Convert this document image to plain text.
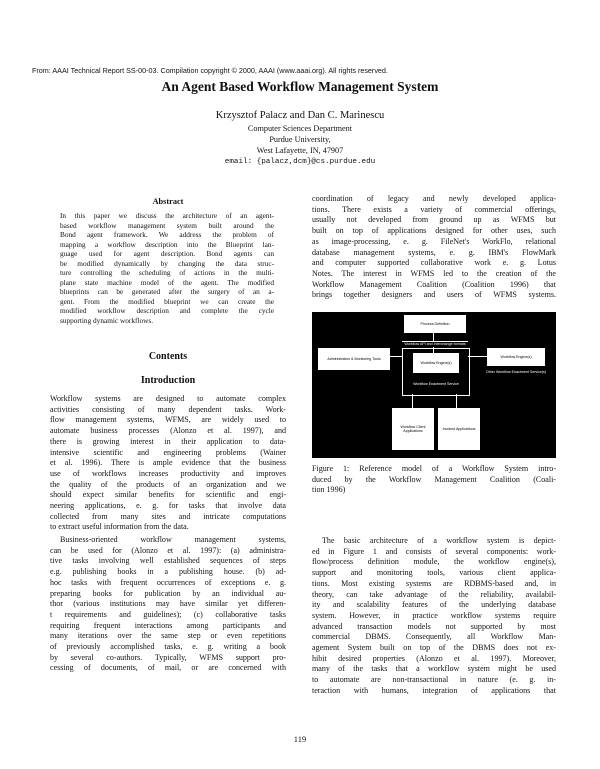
From: AAAI Technical Report SS-00-03. Compilation copyright © 2000, AAAI (www.aaai.org). All rights reserved.
An Agent Based Workflow Management System
Krzysztof Palacz and Dan C. Marinescu
Computer Sciences Department
Purdue University,
West Lafayette, IN, 47907
email: {palacz,dcm}@cs.purdue.edu
Abstract
In this paper we discuss the architecture of an agent-
based workflow management system built around the
Bond agent framework. We address the problem of
mapping a workflow description into the Blueprint lan-
guage used for agent description. Bond agents can
be modified dynamically by changing the data struc-
ture controlling the scheduling of actions in the multi-
plane state machine model of the agent. The modified
blueprints can be generated after the surgery of an a-
gent. From the modified blueprint we can create the
modified workflow description and complete the cycle
supporting dynamic workflows.
Contents
Introduction
Workflow systems are designed to automate complex
activities consisting of many dependent tasks. Work-
flow management systems, WFMS, are widely used to
automate business processes (Alonzo et al. 1997), and
there is growing interest in their application to data-
intensive scientific and engineering problems (Wainer
et al. 1996). There is ample evidence that the business
use of workflows increases productivity and improves
the quality of the products of an organization and we
should expect similar benefits for scientific and engi-
neering applications, e. g. for tasks that involve data
collected from many sites and intricate computations
to extract useful information from the data.
Business-oriented workflow management systems,
can be used for (Alonzo et al. 1997): (a) administra-
tive tasks involving well established sequences of steps
e.g. publishing books in a publishing house. (b) ad-
hoc tasks with frequent occurrences of exceptions e. g.
preparing books for publication by an individual au-
thor (various institutions may have similar yet differen-
t requirements and guidelines); (c) collaborative tasks
requiring frequent interactions among participants and
many iterations over the same step or even repetitions
of previously accomplished tasks, e. g. writing a book
by several co-authors. Typically, WFMS support pro-
cessing of documents, of mail, or are concerned with
coordination of legacy and newly developed applica-
tions. There exists a variety of commercial offerings,
usually not developed from ground up as WFMS but
built on top of applications designed for other uses, such
as image-processing, e. g. FileNet's WorkFlo, relational
database management systems, e. g. IBM's FlowMark
and computer supported collaborative work e. g. Lotus
Notes. The interest in WFMS led to the creation of the
Workflow Management Coalition (Coalition 1996) that
brings together designers and users of WFMS systems.
Process Definition
Workflow API and Interchange formats
Administration & Monitoring Tools
Workflow Engine(s)
Workflow Enactment Service
Workflow Engine(s)
Other Workflow Enactment Service(s)
Workflow Client Applications
Invoked Applications
Figure 1: Reference model of a Workflow System intro-
duced by the Workflow Management Coalition (Coali-
tion 1996)
The basic architecture of a workflow system is depict-
ed in Figure 1 and consists of several components: work-
flow/process definition module, the workflow engine(s),
support and monitoring tools, various client applica-
tions. Most existing systems are RDBMS-based and, in
theory, can take advantage of the reliability, availabil-
ity and scalability features of the underlying database
system. However, in practice workflow systems require
advanced transaction models not supported by most
commercial DBMS. Consequently, all Workflow Man-
agement System built on top of the DBMS does not ex-
hibit desired properties (Alonzo et al. 1997). Moreover,
many of the tasks that a workflow system might be used
to automate are non-transactional in nature (e. g. in-
teraction with humans, integration of applications that
119
